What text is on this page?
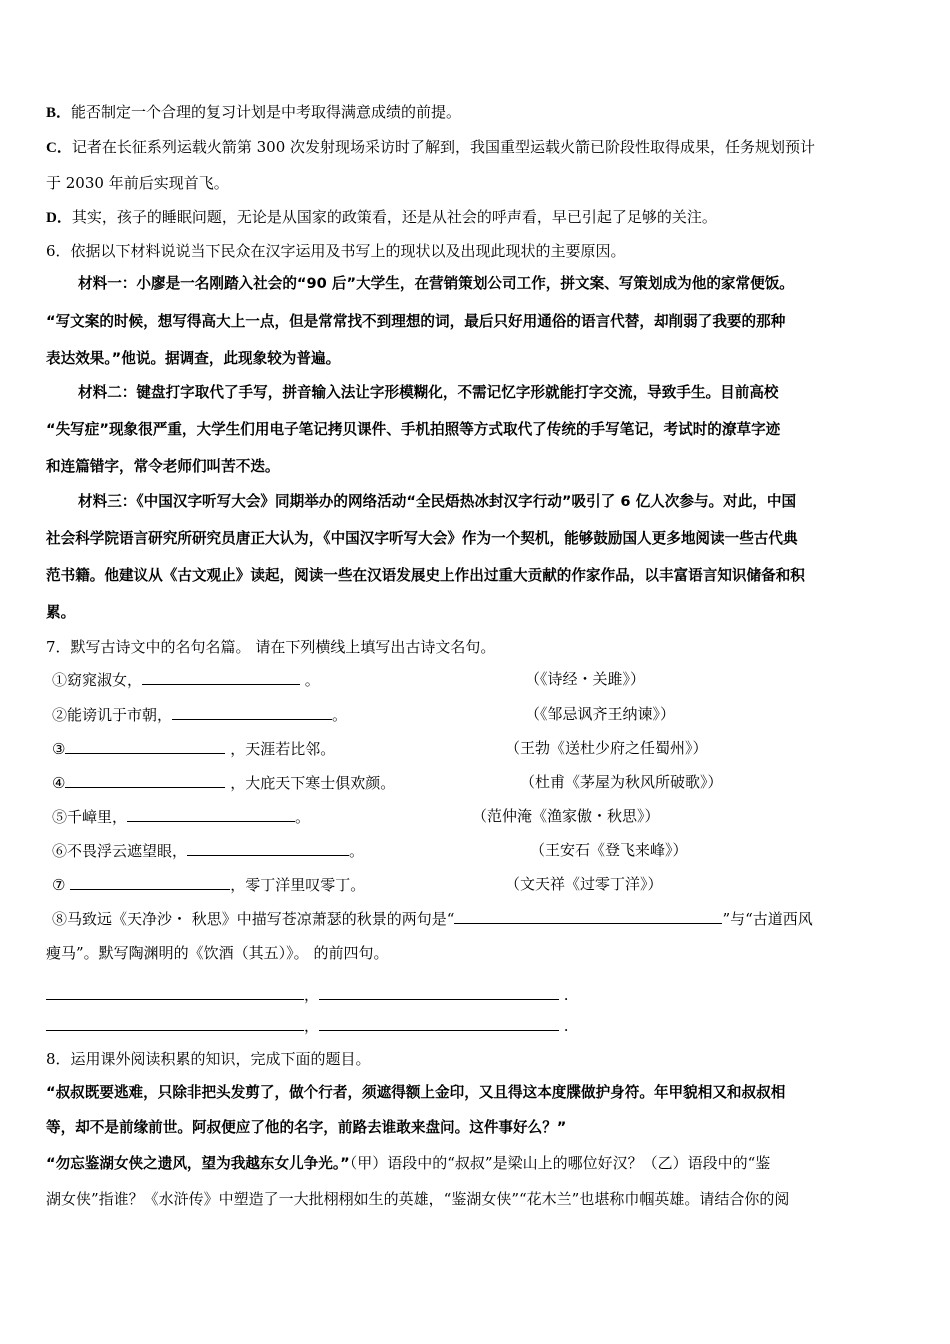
B．能否制定一个合理的复习计划是中考取得满意成绩的前提。
C．记者在长征系列运载火箭第 300 次发射现场采访时了解到，我国重型运载火箭已阶段性取得成果，任务规划预计
于 2030 年前后实现首飞。
D．其实，孩子的睡眠问题，无论是从国家的政策看，还是从社会的呼声看，早已引起了足够的关注。
6．依据以下材料说说当下民众在汉字运用及书写上的现状以及出现此现状的主要原因。
材料一：小廖是一名刚踏入社会的“90 后”大学生，在营销策划公司工作，拼文案、写策划成为他的家常便饭。
“写文案的时候，想写得高大上一点，但是常常找不到理想的词，最后只好用通俗的语言代替，却削弱了我要的那种
表达效果。”他说。据调查，此现象较为普遍。
材料二：键盘打字取代了手写，拼音输入法让字形模糊化，不需记忆字形就能打字交流，导致手生。目前高校
“失写症”现象很严重，大学生们用电子笔记拷贝课件、手机拍照等方式取代了传统的手写笔记，考试时的潦草字迹
和连篇错字，常令老师们叫苦不迭。
材料三：《中国汉字听写大会》同期举办的网络活动“全民焐热冰封汉字行动”吸引了 6 亿人次参与。对此，中国
社会科学院语言研究所研究员唐正大认为，《中国汉字听写大会》作为一个契机，能够鼓励国人更多地阅读一些古代典
范书籍。他建议从《古文观止》读起，阅读一些在汉语发展史上作出过重大贡献的作家作品，以丰富语言知识储备和积
累。
7．默写古诗文中的名句名篇。 请在下列横线上填写出古诗文名句。
①窈窕淑女，	。	（《诗经・关雎》）
②能谤讥于市朝，	。	（《邹忌讽齐王纳谏》）
③	，天涯若比邻。	（王勃《送杜少府之任蜀州》）
④	，大庇天下寒士俱欢颜。	（杜甫《茅屋为秋风所破歌》）
⑤千嶂里，	。	（范仲淹《渔家傲・秋思》）
⑥不畏浮云遮望眼，	。	（王安石《登飞来峰》）
⑦	，零丁洋里叹零丁。	（文天祥《过零丁洋》）
⑧马致远《天净沙・ 秋思》中描写苍凉萧瑟的秋景的两句是“	”与“古道西风
瘦马”。默写陶渊明的《饮酒（其五）》。 的前四句。
，	.
，	.
8．运用课外阅读积累的知识，完成下面的题目。
“叔叔既要逃难，只除非把头发剪了，做个行者，须遮得额上金印，又且得这本度牒做护身符。年甲貌相又和叔叔相
等，却不是前缘前世。阿叔便应了他的名字，前路去谁敢来盘问。这件事好么？”
“勿忘鉴湖女侠之遗风，望为我越东女儿争光。”（甲）语段中的“叔叔”是梁山上的哪位好汉？（乙）语段中的“鉴
湖女侠”指谁？《水浒传》中塑造了一大批栩栩如生的英雄，“鉴湖女侠”“花木兰”也堪称巾帼英雄。请结合你的阅
